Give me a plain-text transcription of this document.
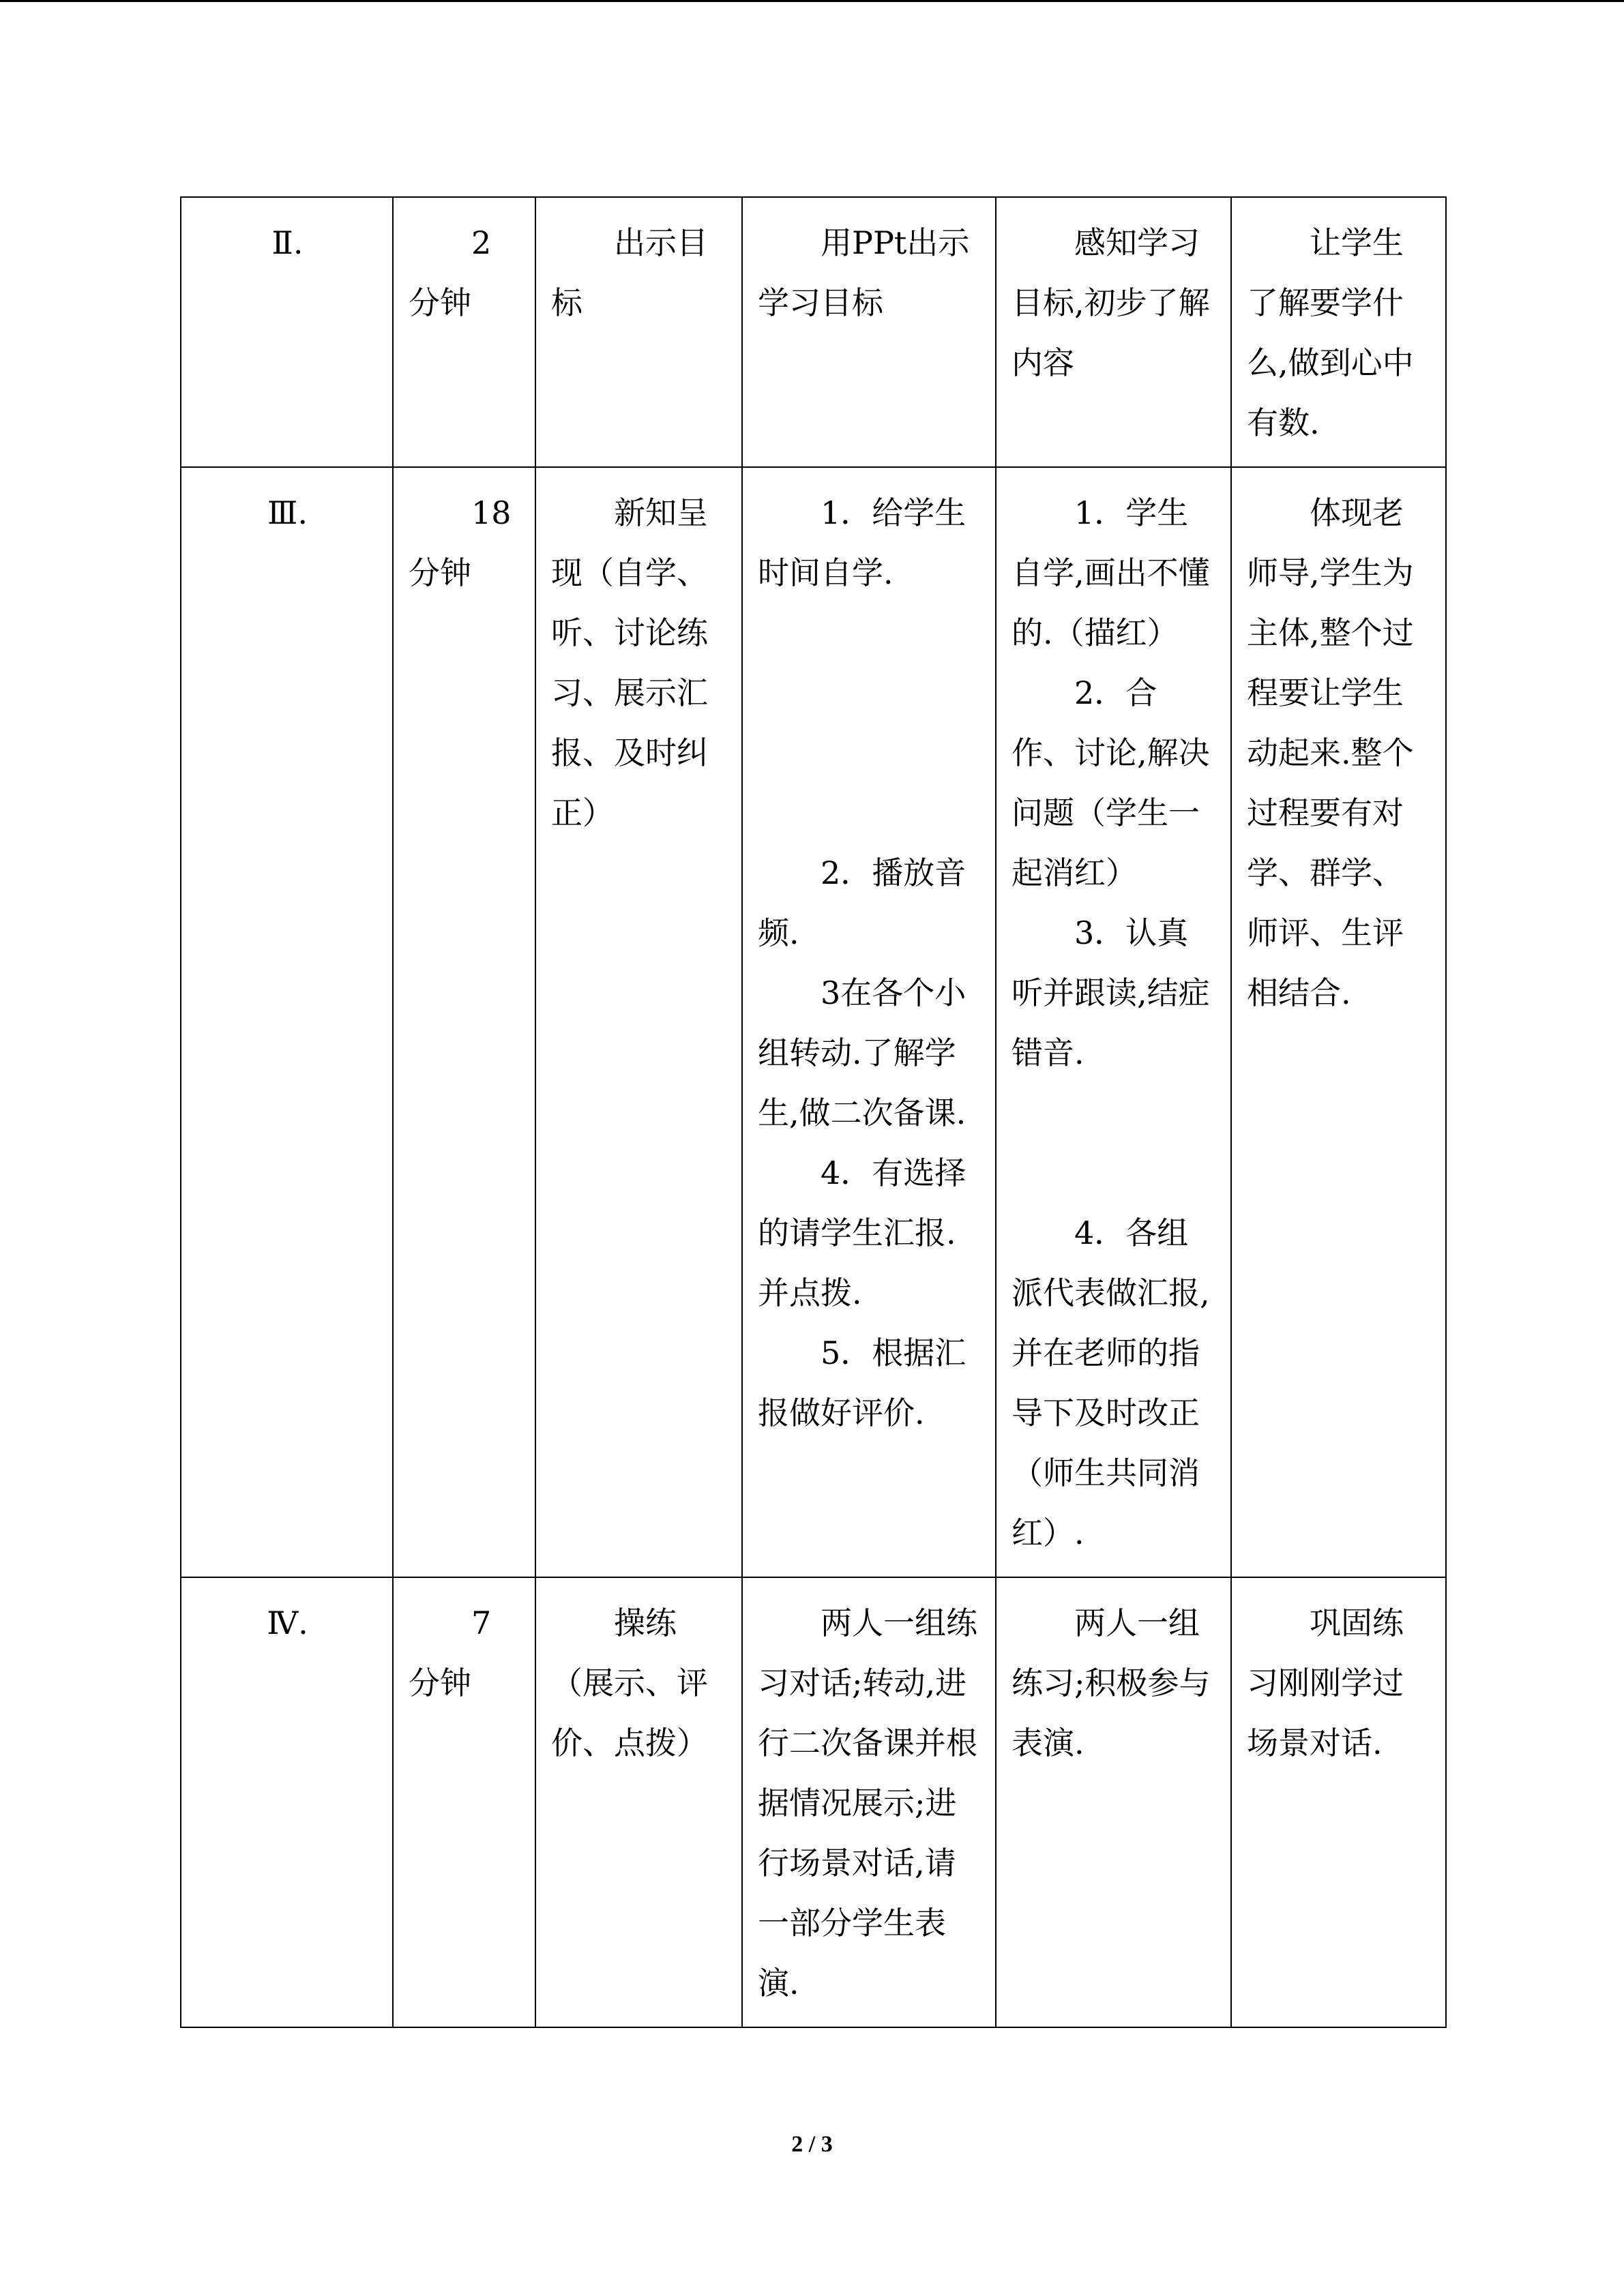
Ⅱ.	2分钟	出示目标	用PPt出示学习目标	感知学习目标,初步了解内容	让学生了解要学什么,做到心中有数.
Ⅲ.	18分钟	新知呈现（自学、听、讨论练习、展示汇报、及时纠正）	1．给学生时间自学.
2．播放音频.
3在各个小组转动.了解学生,做二次备课.
4．有选择的请学生汇报.并点拨.
5．根据汇报做好评价.	1．学生自学,画出不懂的.（描红）
2．合作、讨论,解决问题（学生一起消红）
3．认真听并跟读,结症错音.
4．各组派代表做汇报,并在老师的指导下及时改正（师生共同消红）.	体现老师导,学生为主体,整个过程要让学生动起来.整个过程要有对学、群学、师评、生评相结合.
Ⅳ.	7分钟	操练（展示、评价、点拨）	两人一组练习对话;转动,进行二次备课并根据情况展示;进行场景对话,请一部分学生表演.	两人一组练习;积极参与表演.	巩固练习刚刚学过场景对话.
2 / 3
